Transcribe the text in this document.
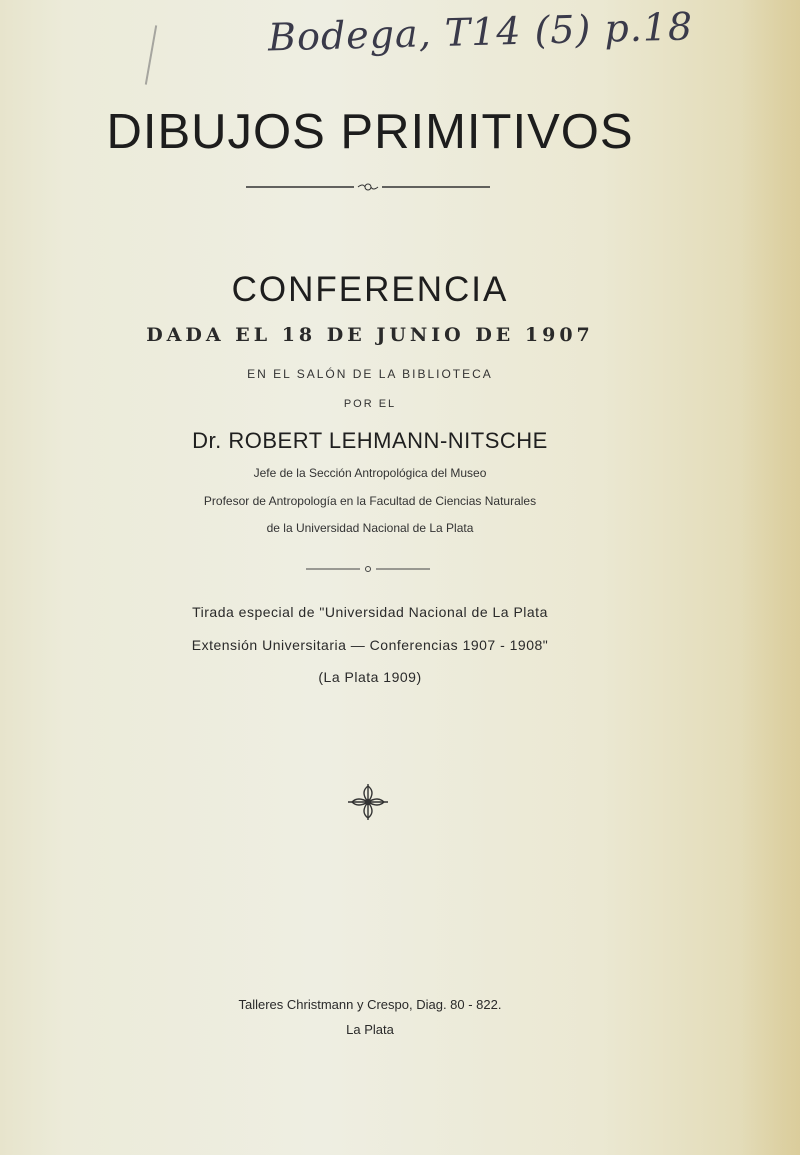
Bodega, T14 (5) p.18
DIBUJOS PRIMITIVOS
CONFERENCIA
DADA EL 18 DE JUNIO DE 1907
EN EL SALÓN DE LA BIBLIOTECA
POR EL
Dr. ROBERT LEHMANN-NITSCHE
Jefe de la Sección Antropológica del Museo
Profesor de Antropología en la Facultad de Ciencias Naturales
de la Universidad Nacional de La Plata
Tirada especial de "Universidad Nacional de La Plata
Extensión Universitaria — Conferencias 1907 - 1908"
(La Plata 1909)
Talleres Christmann y Crespo, Diag. 80 - 822.
La Plata
